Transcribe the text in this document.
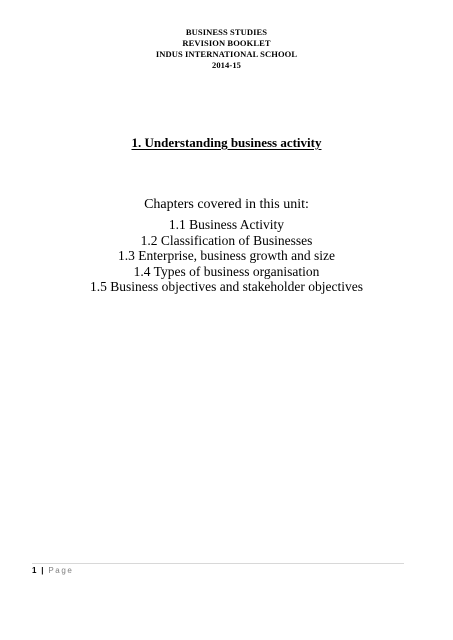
BUSINESS STUDIES
REVISION BOOKLET
INDUS INTERNATIONAL SCHOOL
2014-15
1. Understanding business activity
Chapters covered in this unit:
1.1 Business Activity
1.2 Classification of Businesses
1.3 Enterprise, business growth and size
1.4 Types of business organisation
1.5 Business objectives and stakeholder objectives
1 | Page
